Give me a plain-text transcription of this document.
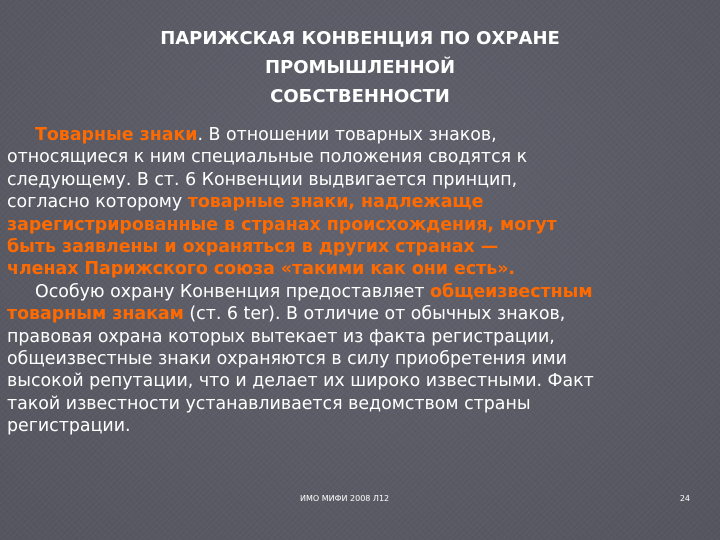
ПАРИЖСКАЯ КОНВЕНЦИЯ ПО ОХРАНЕ
ПРОМЫШЛЕННОЙ
СОБСТВЕННОСТИ

Товарные знаки. В отношении товарных знаков,
относящиеся к ним специальные положения сводятся к
следующему. В ст. 6 Конвенции выдвигается принцип,
согласно которому товарные знаки, надлежаще
зарегистрированные в странах происхождения, могут
быть заявлены и охраняться в других странах —
членах Парижского союза «такими как они есть».

Особую охрану Конвенция предоставляет общеизвестным
товарным знакам (ст. 6 ter). В отличие от обычных знаков,
правовая охрана которых вытекает из факта регистрации,
общеизвестные знаки охраняются в силу приобретения ими
высокой репутации, что и делает их широко известными. Факт
такой известности устанавливается ведомством страны
регистрации.

ИМО МИФИ 2008 Л12	24
